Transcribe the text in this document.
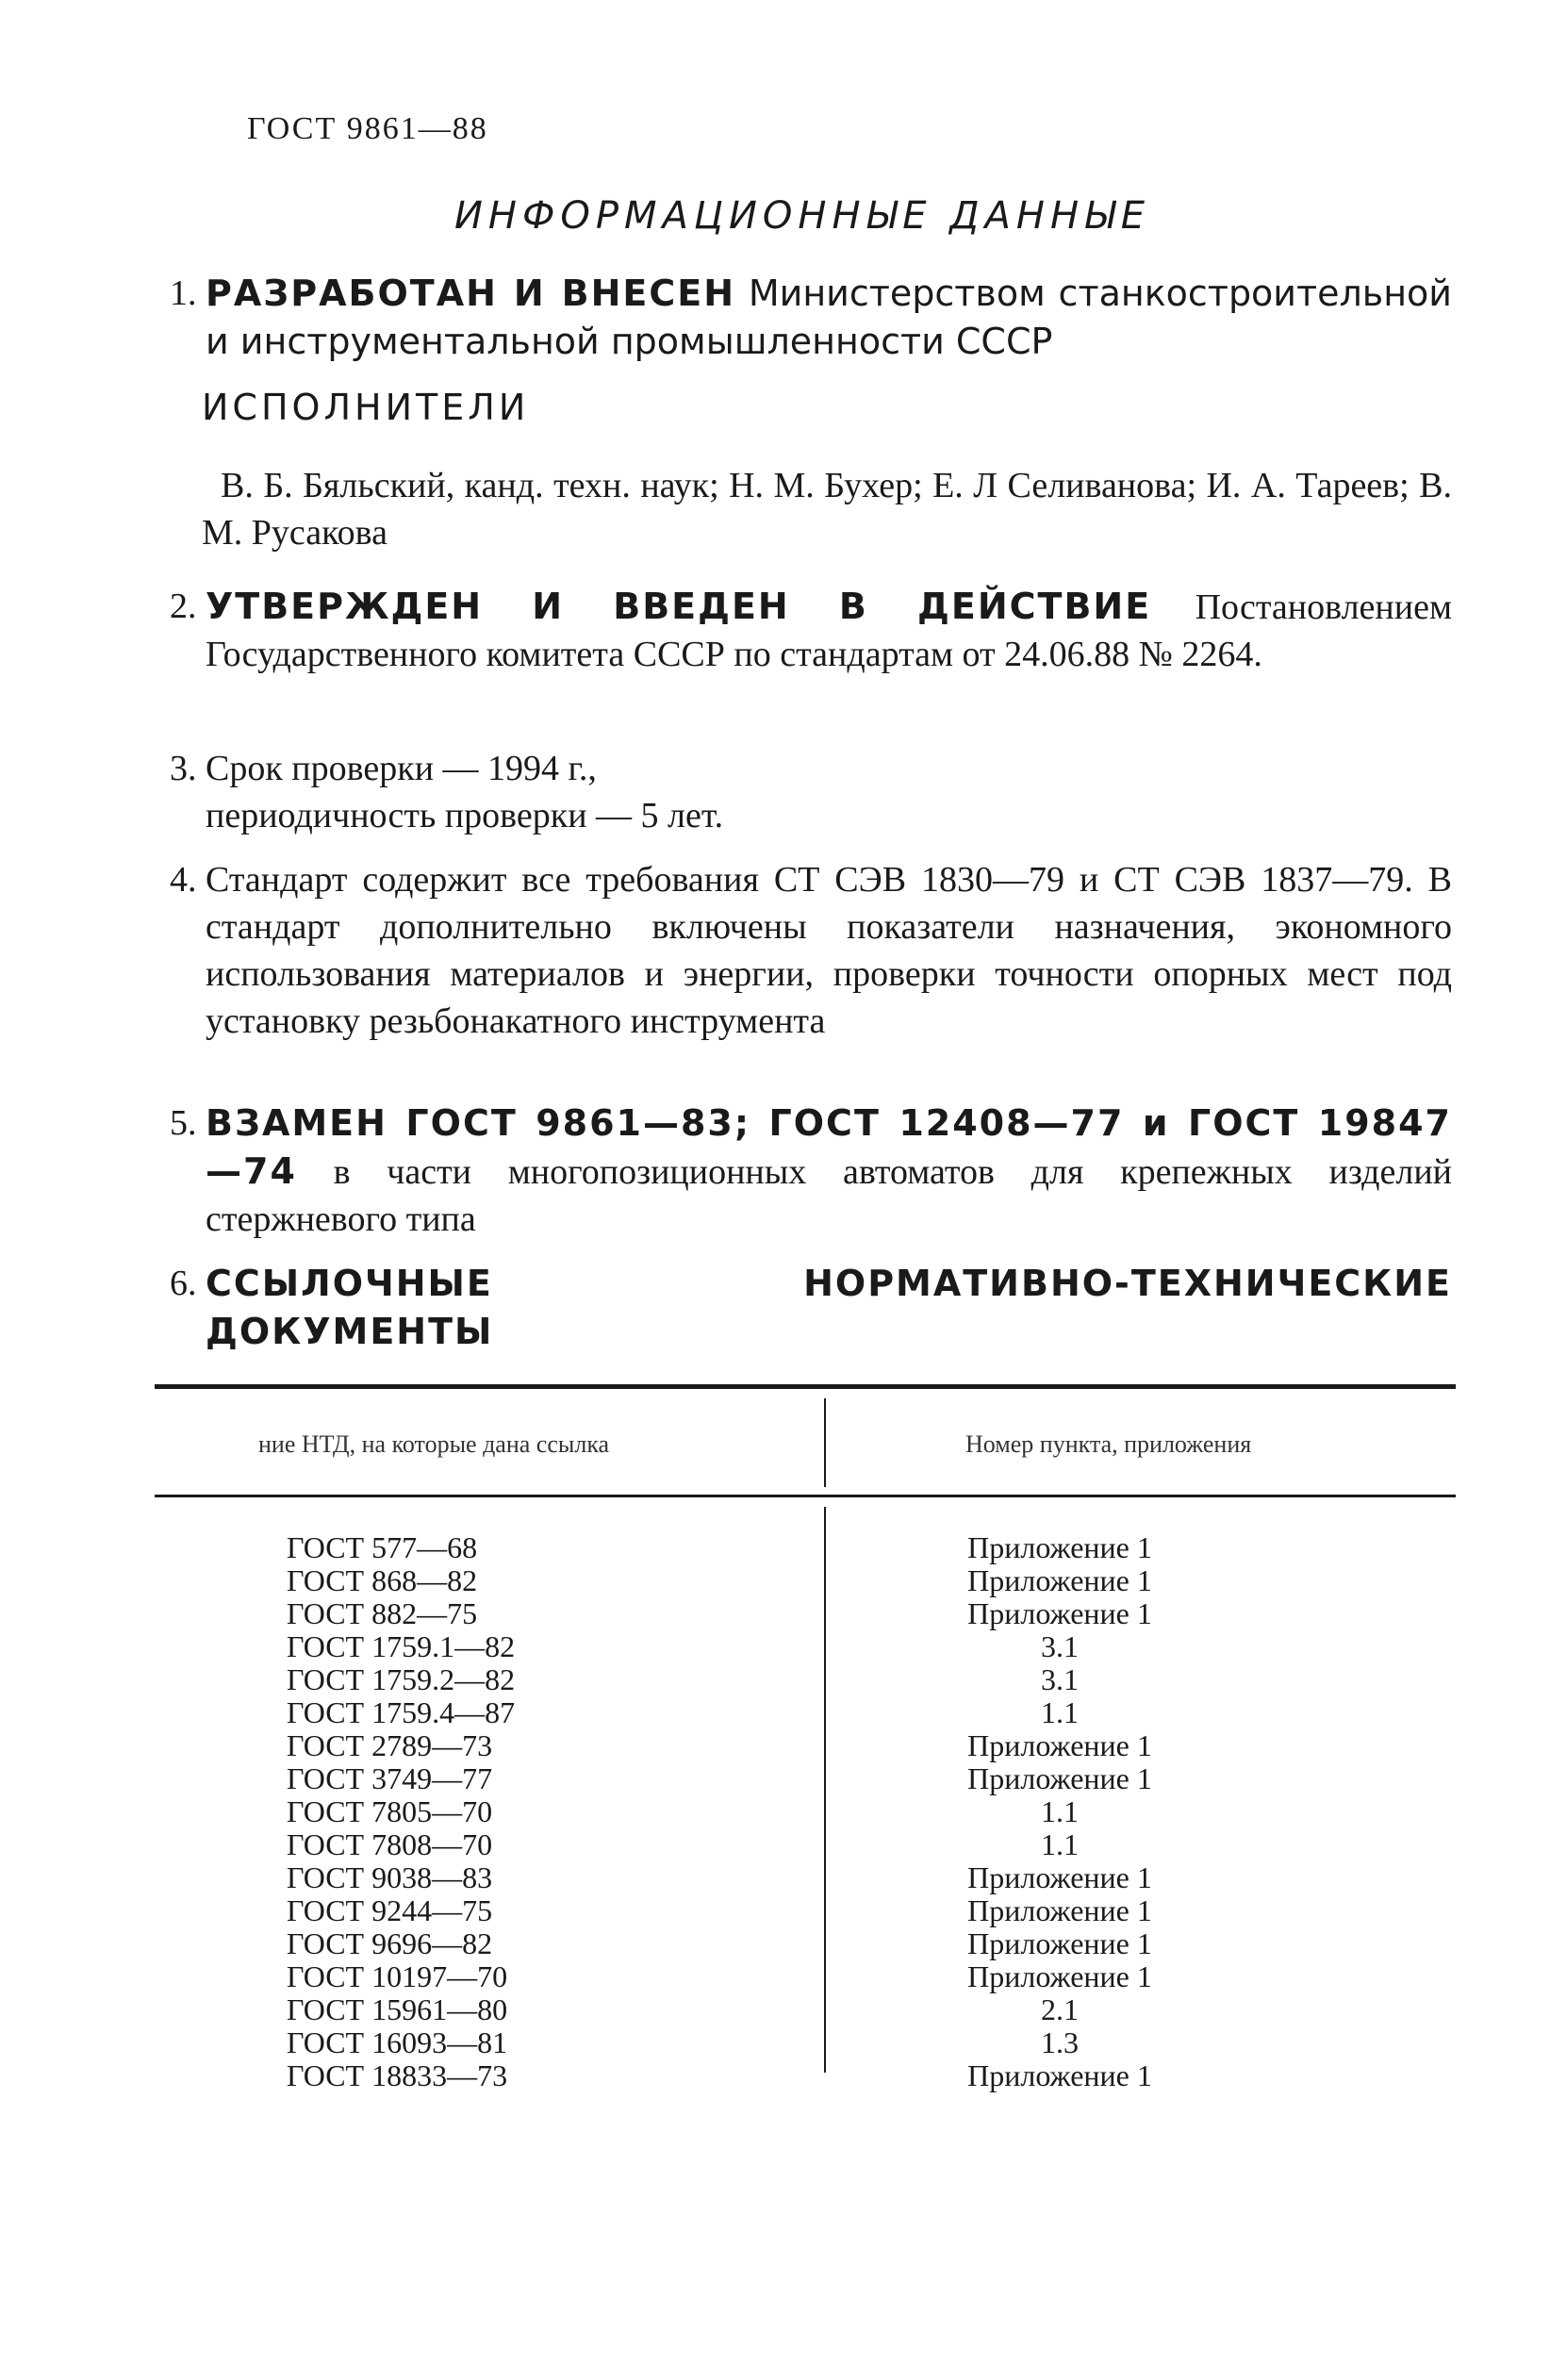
ГОСТ 9861—88
ИНФОРМАЦИОННЫЕ ДАННЫЕ
1. РАЗРАБОТАН И ВНЕСЕН Министерством станкостроительной и инструментальной промышленности СССР
ИСПОЛНИТЕЛИ
В. Б. Бяльский, канд. техн. наук; Н. М. Бухер; Е. Л Селиванова; И. А. Тареев; В. М. Русакова
2. УТВЕРЖДЕН И ВВЕДЕН В ДЕЙСТВИЕ Постановлением Государственного комитета СССР по стандартам от 24.06.88 № 2264.
3. Срок проверки — 1994 г.,
периодичность проверки — 5 лет.
4. Стандарт содержит все требования СТ СЭВ 1830—79 и СТ СЭВ 1837—79. В стандарт дополнительно включены показатели назначения, экономного использования материалов и энергии, проверки точности опорных мест под установку резьбонакатного инструмента
5. ВЗАМЕН ГОСТ 9861—83; ГОСТ 12408—77 и ГОСТ 19847—74 в части многопозиционных автоматов для крепежных изделий стержневого типа
6. ССЫЛОЧНЫЕ НОРМАТИВНО-ТЕХНИЧЕСКИЕ ДОКУМЕНТЫ
ние НТД, на которые дана ссылка	Номер пункта, приложения
ГОСТ 577—68	Приложение 1
ГОСТ 868—82	Приложение 1
ГОСТ 882—75	Приложение 1
ГОСТ 1759.1—82	3.1
ГОСТ 1759.2—82	3.1
ГОСТ 1759.4—87	1.1
ГОСТ 2789—73	Приложение 1
ГОСТ 3749—77	Приложение 1
ГОСТ 7805—70	1.1
ГОСТ 7808—70	1.1
ГОСТ 9038—83	Приложение 1
ГОСТ 9244—75	Приложение 1
ГОСТ 9696—82	Приложение 1
ГОСТ 10197—70	Приложение 1
ГОСТ 15961—80	2.1
ГОСТ 16093—81	1.3
ГОСТ 18833—73	Приложение 1
